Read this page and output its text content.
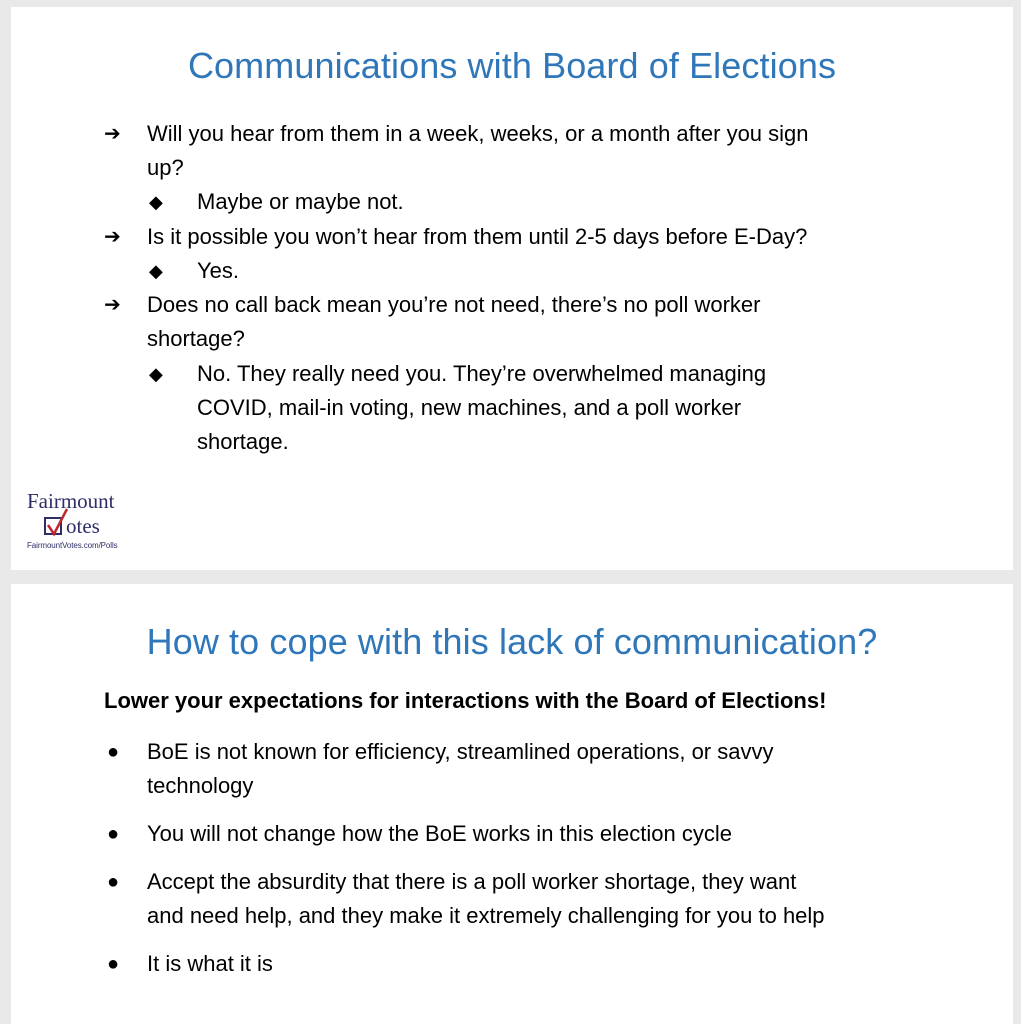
Communications with Board of Elections
➔ Will you hear from them in a week, weeks, or a month after you sign
up?
◆ Maybe or maybe not.
➔ Is it possible you won’t hear from them until 2-5 days before E-Day?
◆ Yes.
➔ Does no call back mean you’re not need, there’s no poll worker
shortage?
◆ No. They really need you. They’re overwhelmed managing
COVID, mail-in voting, new machines, and a poll worker
shortage.
Fairmount
otes
FairmountVotes.com/Polls
How to cope with this lack of communication?
Lower your expectations for interactions with the Board of Elections!
● BoE is not known for efficiency, streamlined operations, or savvy
technology
● You will not change how the BoE works in this election cycle
● Accept the absurdity that there is a poll worker shortage, they want
and need help, and they make it extremely challenging for you to help
● It is what it is
